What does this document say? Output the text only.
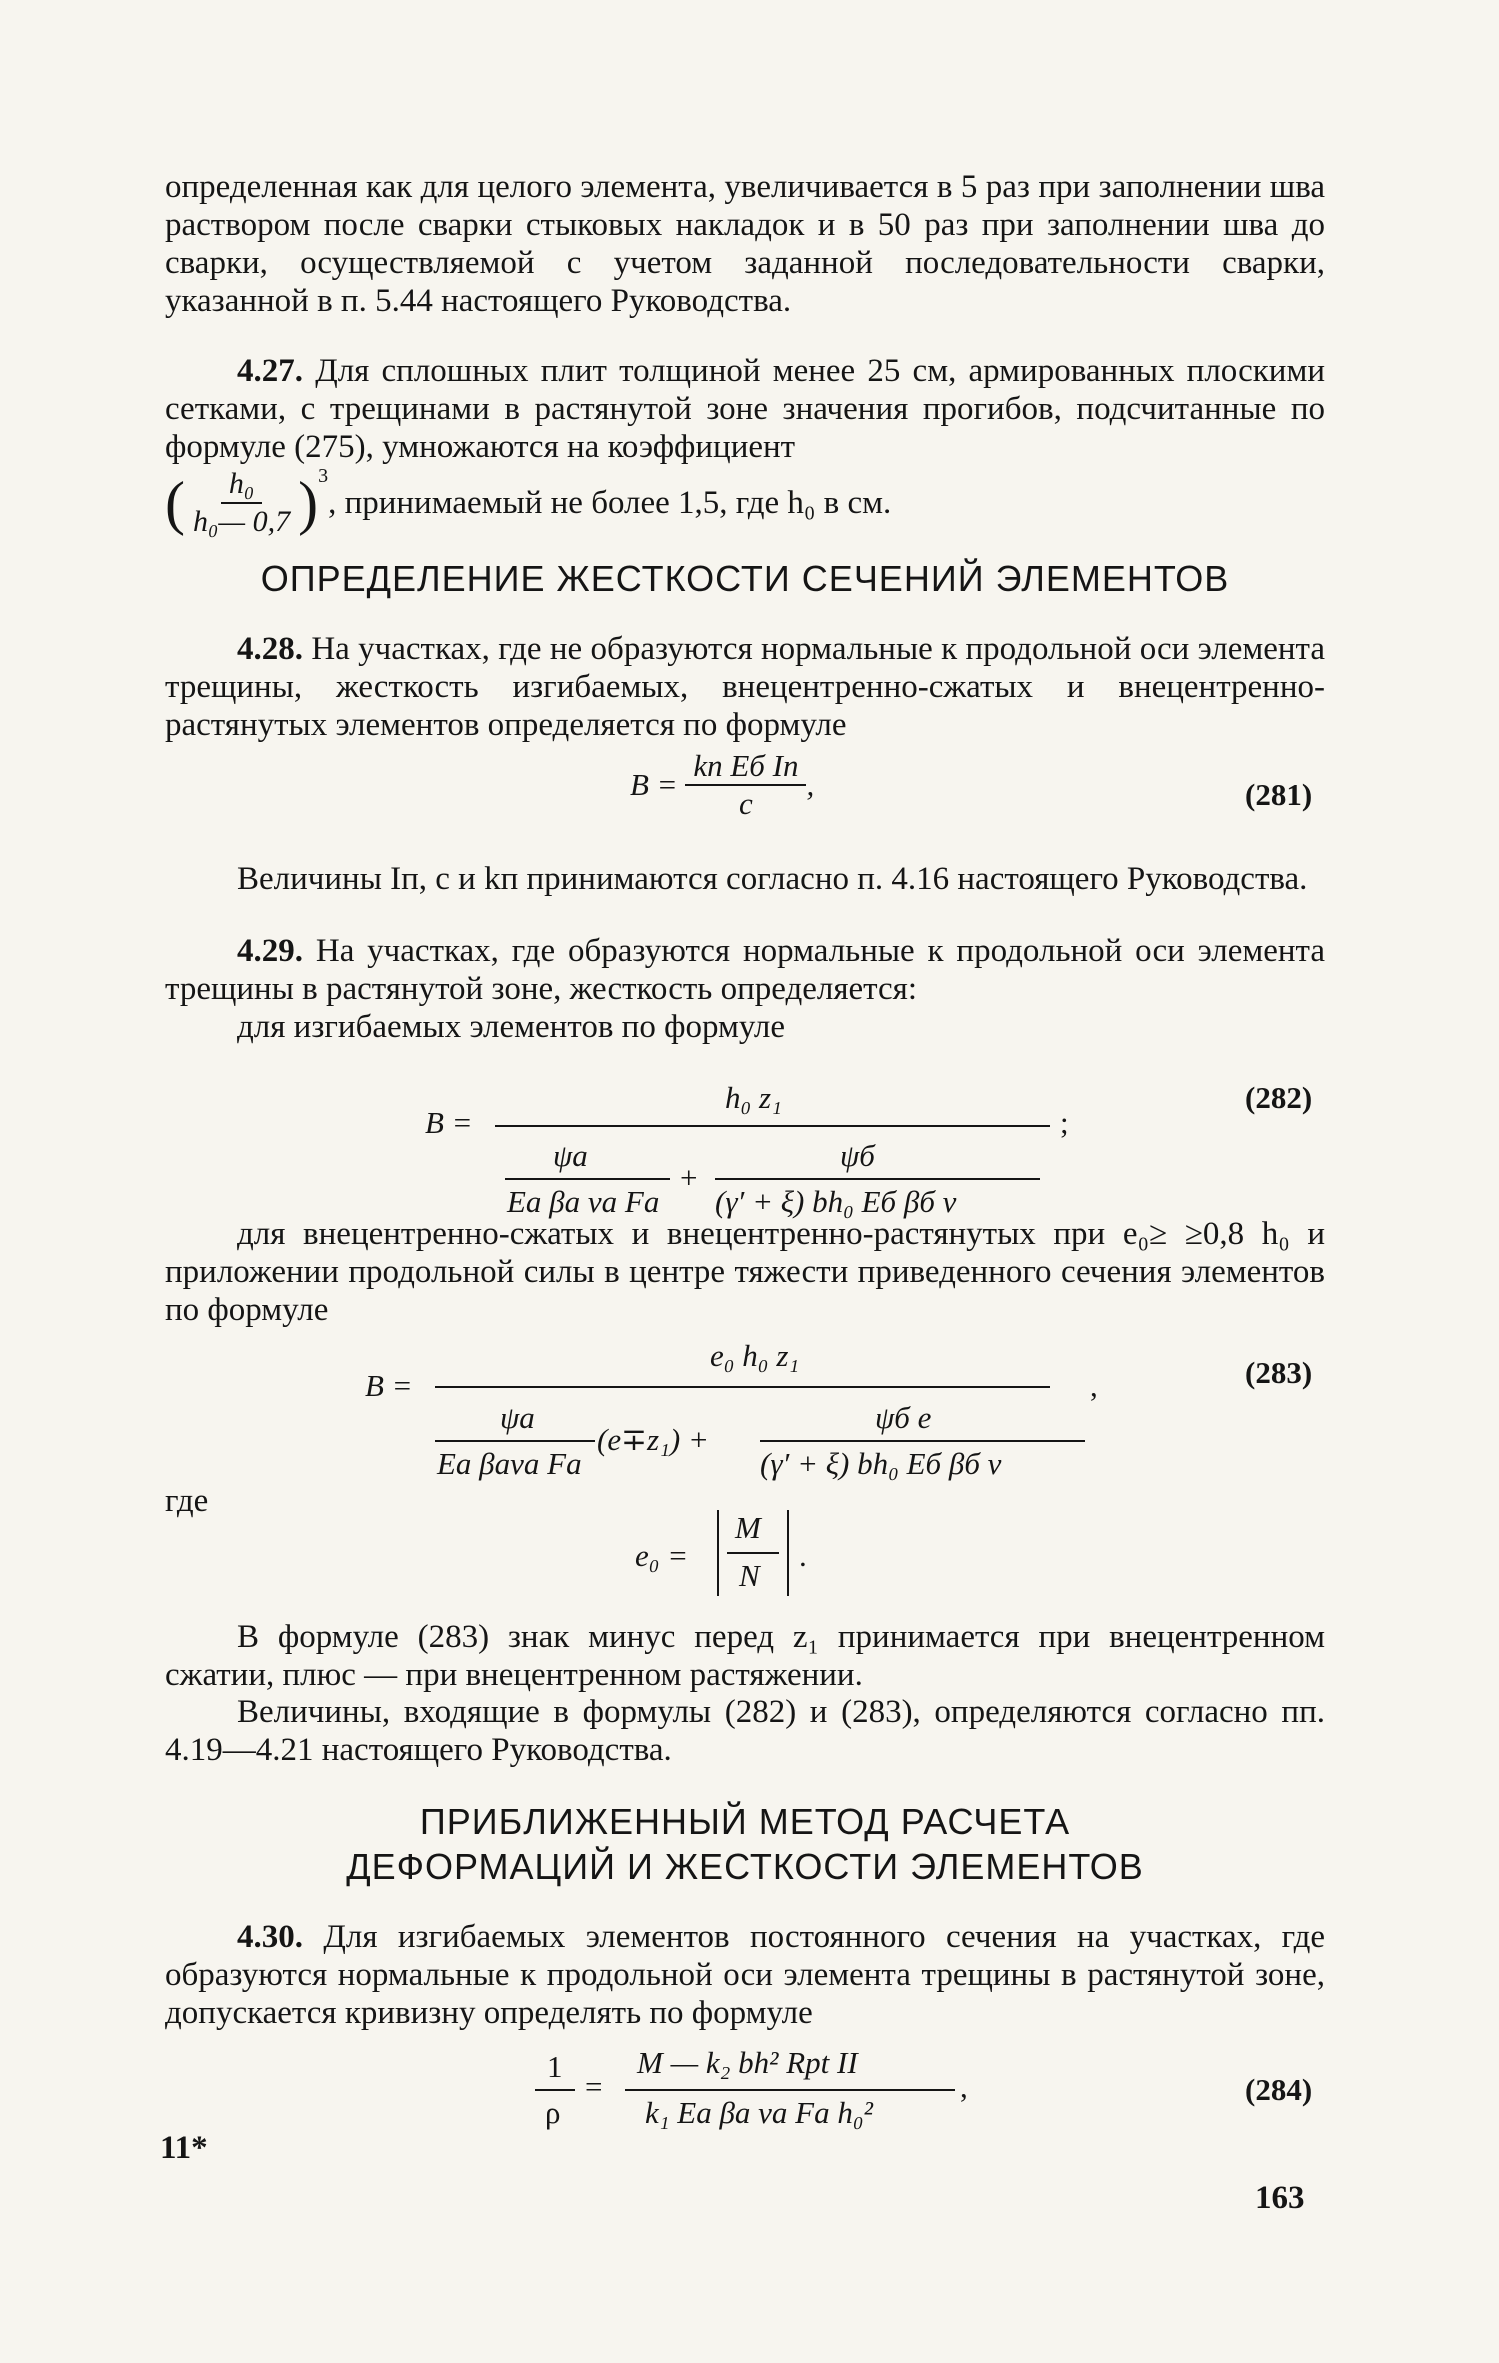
определенная как для целого элемента, увеличивается в 5 раз при заполнении шва раствором после сварки стыковых накладок и в 50 раз при заполнении шва до сварки, осуществляемой с учетом заданной последовательности сварки, указанной в п. 5.44 настоящего Руководства.
4.27. Для сплошных плит толщиной менее 25 см, армированных плоскими сетками, с трещинами в растянутой зоне значения прогибов, подсчитанные по формуле (275), умножаются на коэффициент
( $\frac{\text{h₀}}{\text{h₀— 0,7}} )^3$, принимаемый не более 1,5, где h₀ в см.
ОПРЕДЕЛЕНИЕ ЖЕСТКОСТИ СЕЧЕНИЙ ЭЛЕМЕНТОВ
4.28. На участках, где не образуются нормальные к продольной оси элемента трещины, жесткость изгибаемых, внецентренно-сжатых и внецентренно-растянутых элементов определяется по формуле
$B = \frac{\text{kп Eб Iп}}{c}$ ,	(281)
Величины Iп, c и kп принимаются согласно п. 4.16 настоящего Руководства.
4.29. На участках, где образуются нормальные к продольной оси элемента трещины в растянутой зоне, жесткость определяется:
для изгибаемых элементов по формуле
B =
h₀ z₁
;
ψa
Ea βa νa Fa
+
ψб
(γ′ + ξ) bh₀ Eб βб ν
(282)
для внецентренно-сжатых и внецентренно-растянутых при e₀≥ ≥0,8 h₀ и приложении продольной силы в центре тяжести приведенного сечения элементов по формуле
B =
e₀ h₀ z₁
,
ψa
Ea βaνa Fa
(e∓z₁) +
ψб e
(γ′ + ξ) bh₀ Eб βб ν
(283)
где
e₀ =
M
N
.
В формуле (283) знак минус перед z₁ принимается при внецентренном сжатии, плюс — при внецентренном растяжении.
Величины, входящие в формулы (282) и (283), определяются согласно пп. 4.19—4.21 настоящего Руководства.
ПРИБЛИЖЕННЫЙ МЕТОД РАСЧЕТА
ДЕФОРМАЦИЙ И ЖЕСТКОСТИ ЭЛЕМЕНТОВ
4.30. Для изгибаемых элементов постоянного сечения на участках, где образуются нормальные к продольной оси элемента трещины в растянутой зоне, допускается кривизну определять по формуле
1
ρ
=
M — k₂ bh² Rpt II
k₁ Ea βa νa Fa h₀²
,	(284)
11*
163
